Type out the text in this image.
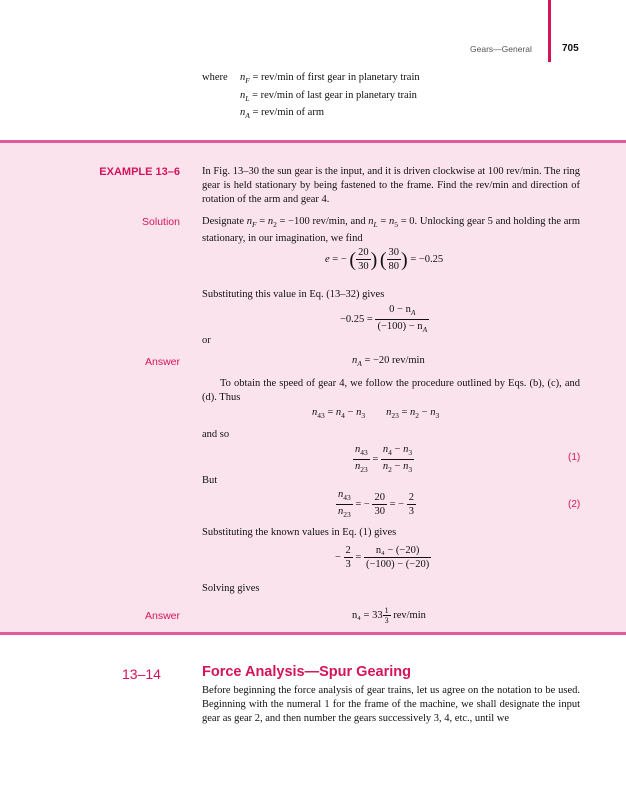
Gears—General	705
where $n_F = rev/\min$ of first gear in planetary train
$n_L = rev/\min$ of last gear in planetary train
$n_A = rev/\min$ of arm
EXAMPLE 13–6 In Fig. 13–30 the sun gear is the input, and it is driven clockwise at 100 rev/min. The ring gear is held stationary by being fastened to the frame. Find the rev/min and direction of rotation of the arm and gear 4.
Solution Designate $n_F = n_2 = -100$ rev/min, and $n_L = n_5 = 0$. Unlocking gear 5 and holding the arm stationary, in our imagination, we find
e = − ( $\frac{20}{30}$ ) ( $\frac{30}{80}$ ) = −0.25
Substituting this value in Eq. (13–32) gives
$-0.25 = \frac{0 - n_A}{(-100) - n_A}$
or
Answer	$n_A = -20$ rev/min
To obtain the speed of gear 4, we follow the procedure outlined by Eqs. (b), (c), and (d). Thus
$n_{43} = n_4 - n_3$ $n_{23} = n_2 - n_3$
and so
$\frac{n_{43}}{n_{23}} = \frac{n_4 - n_3}{n_2 - n_3}$	(1)
But
$\frac{n_{43}}{n_{23}}$ = − $\frac{20}{30}$ = − $\frac{2}{3}$	(2)
Substituting the known values in Eq. (1) gives
− $\frac{2}{3} = \frac{\text{n₄ − (−20)}}{(-100) - (-20)}$
Solving gives
Answer	$n_4 = 33 \frac{1}{3} rev/\min$
13–14	Force Analysis—Spur Gearing
Before beginning the force analysis of gear trains, let us agree on the notation to be used. Beginning with the numeral 1 for the frame of the machine, we shall designate the input gear as gear 2, and then number the gears successively 3, 4, etc., until we
